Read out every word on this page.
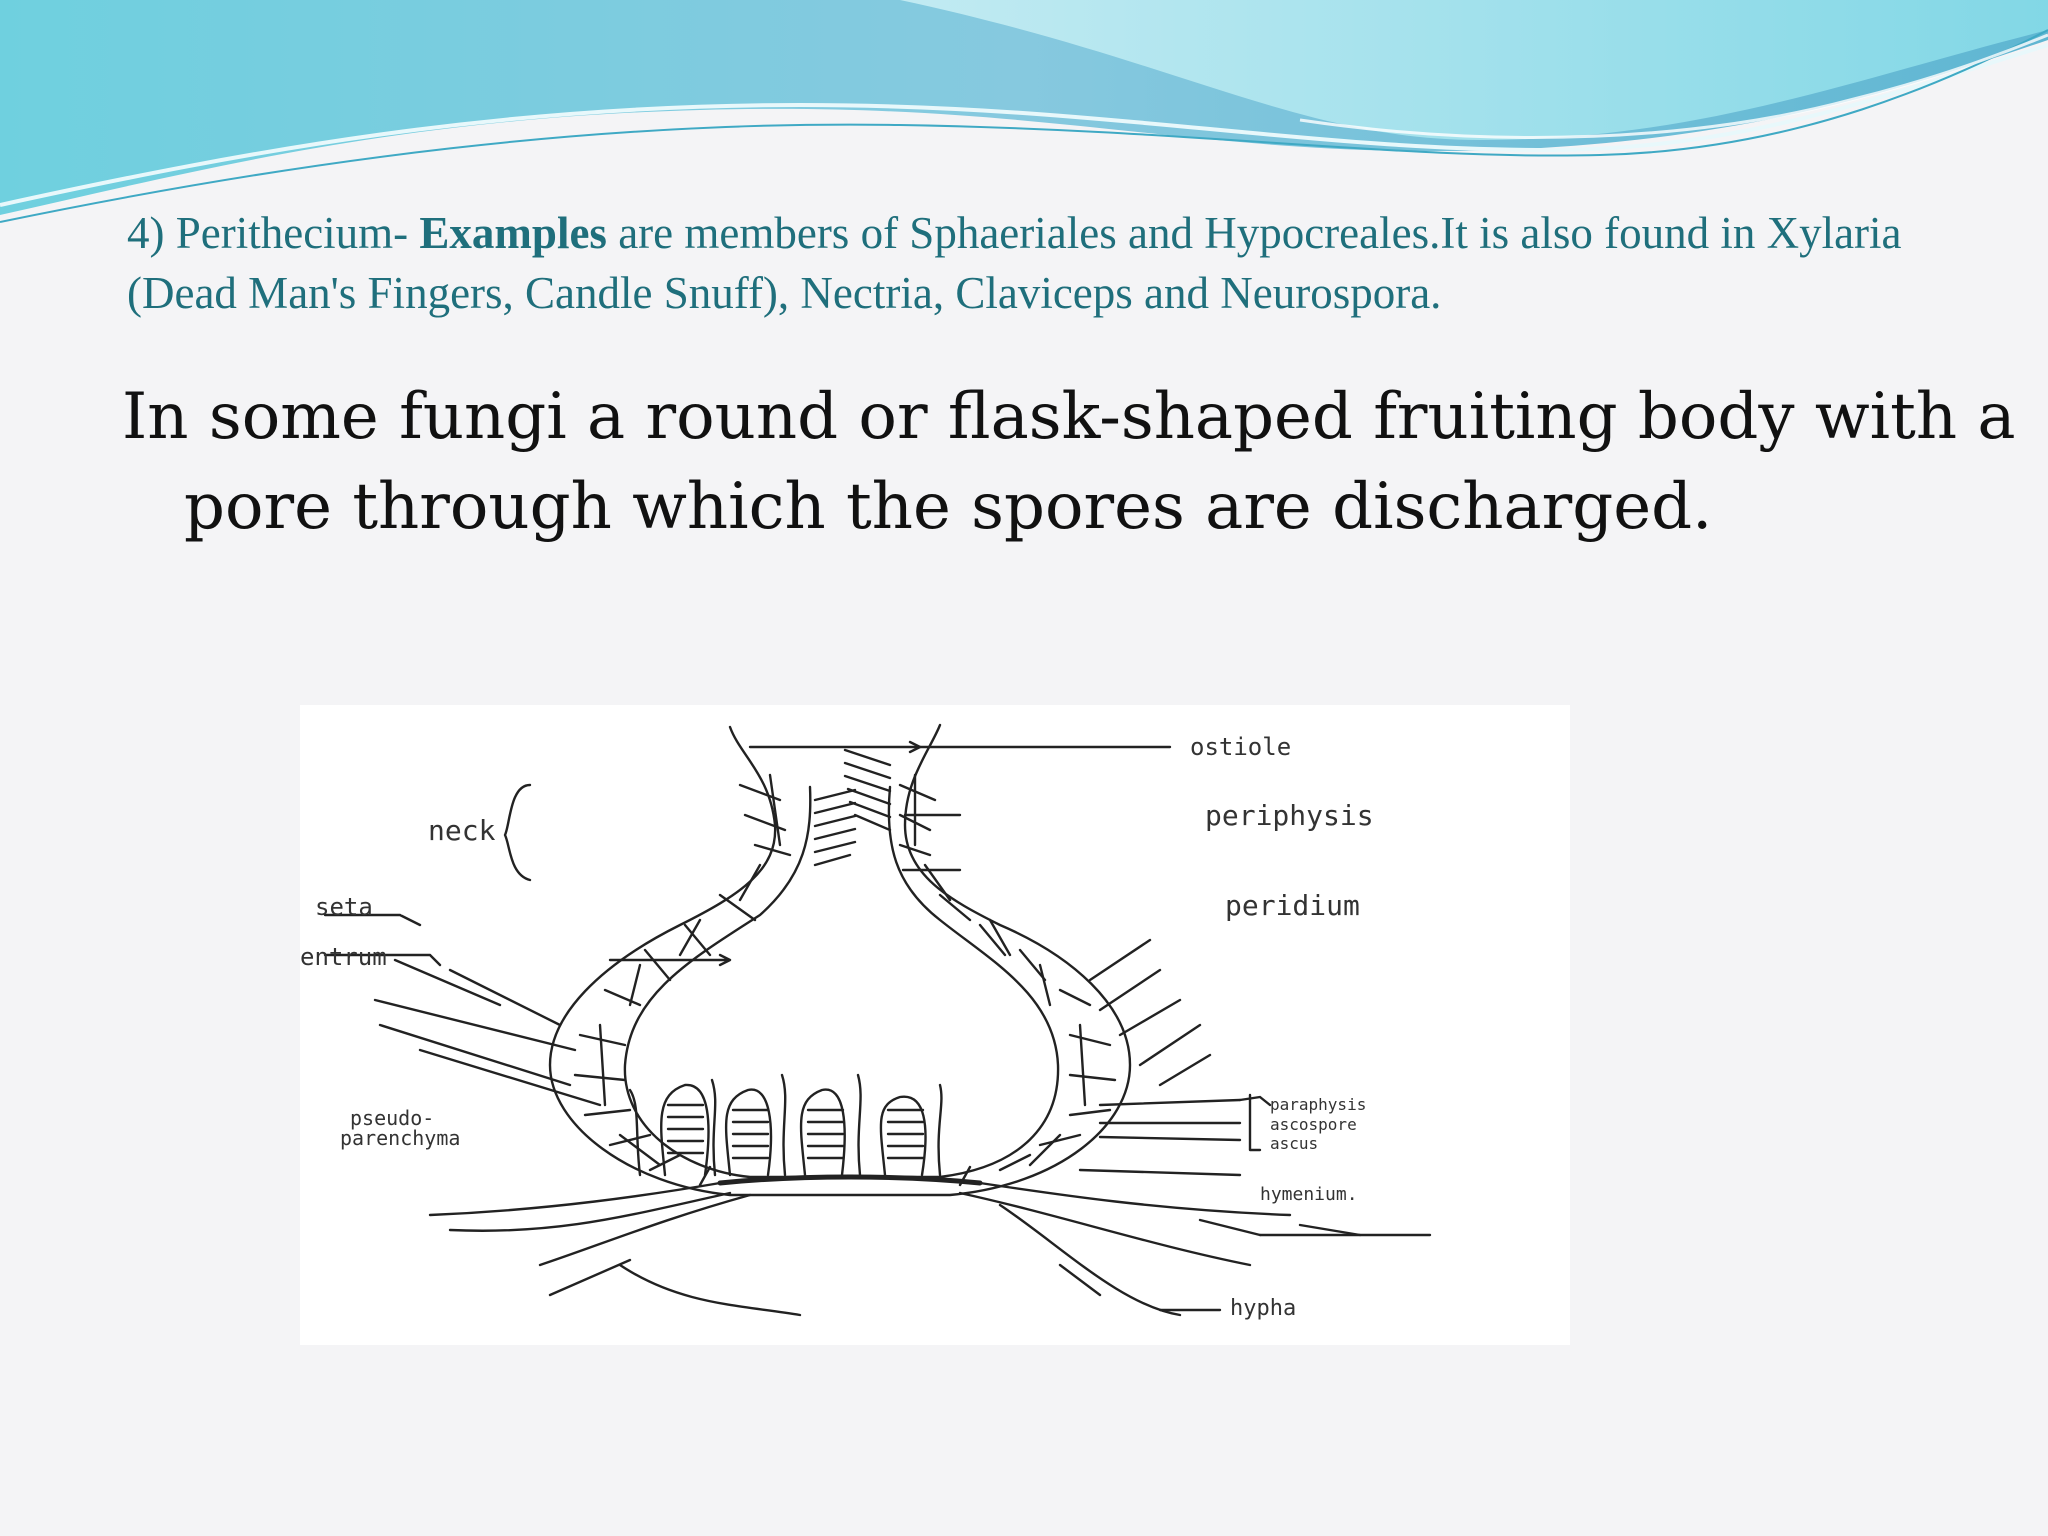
4) Perithecium- Examples are members of Sphaeriales and Hypocreales.It is also found in Xylaria (Dead Man's Fingers, Candle Snuff), Nectria, Claviceps and Neurospora.

In some fungi a round or flask-shaped fruiting body with a pore through which the spores are discharged.

ostiole
periphysis
peridium
neck
seta
entrum
pseudo-
parenchyma
paraphysis
ascospore
ascus
hymenium.
hypha
